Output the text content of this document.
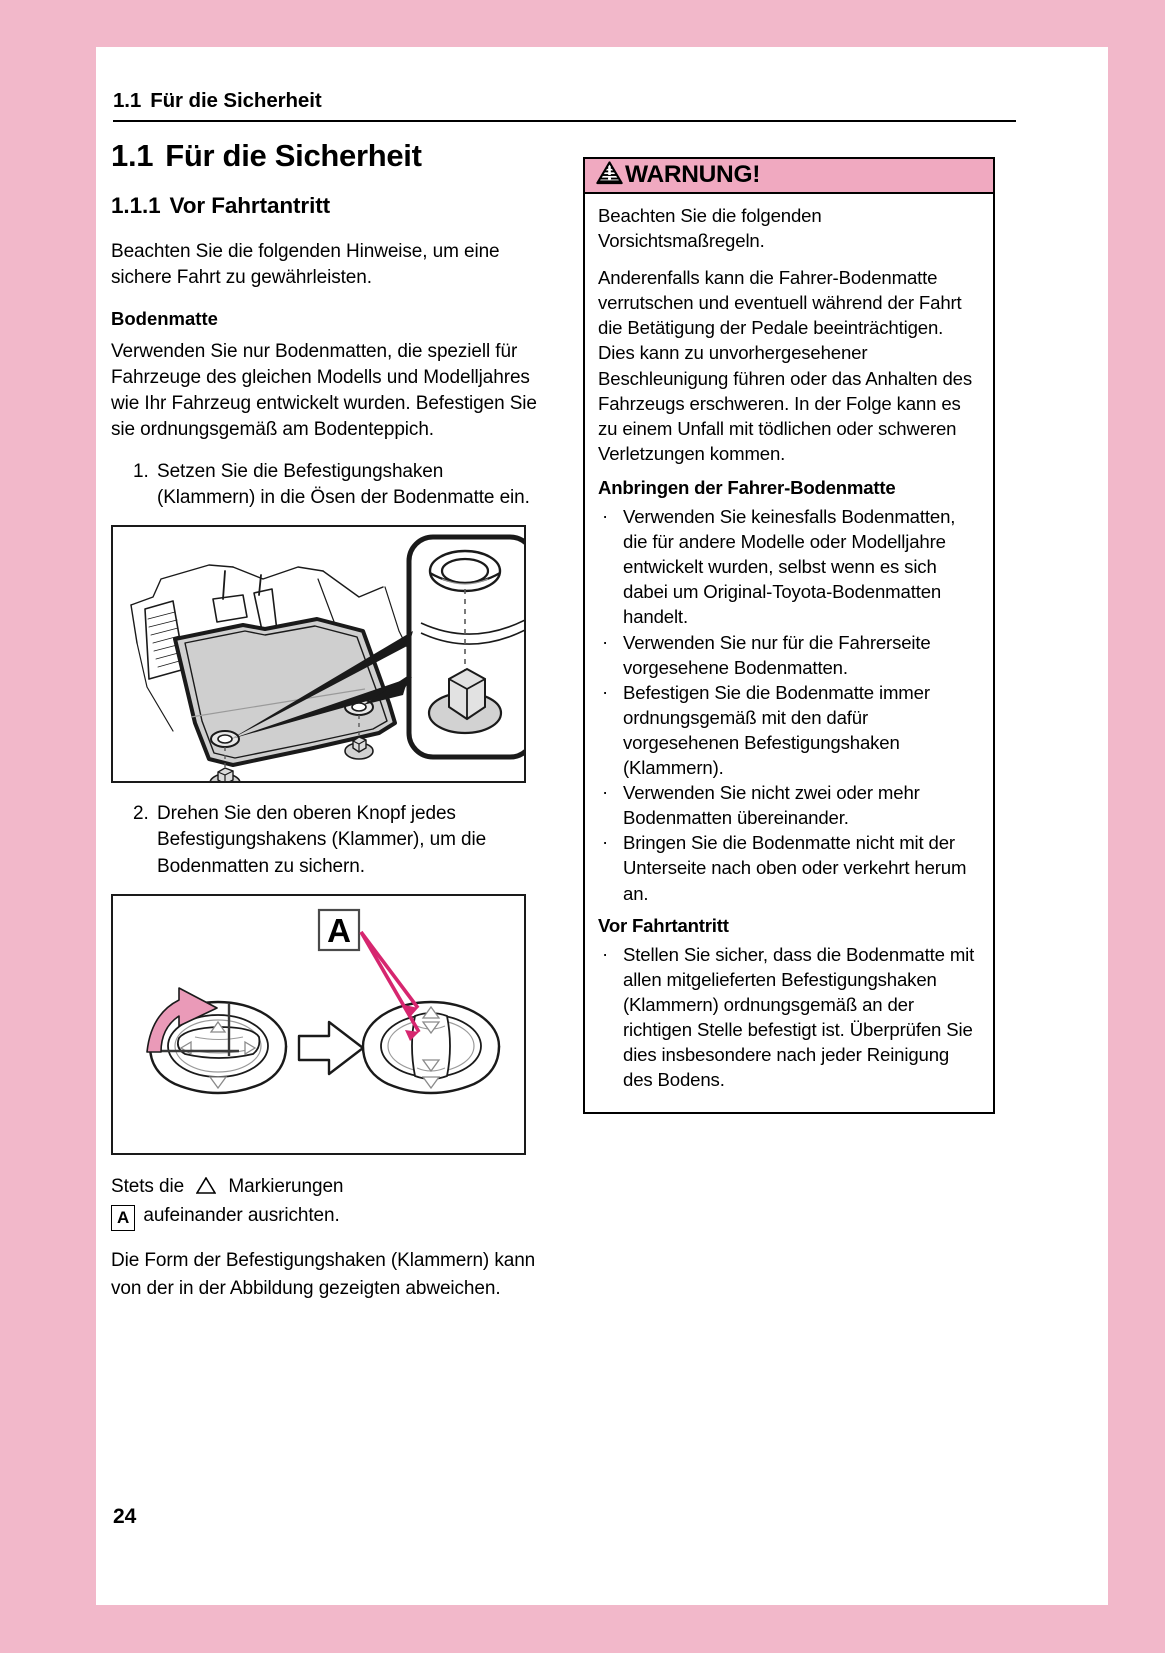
1.1 Für die Sicherheit
1.1 Für die Sicherheit
1.1.1 Vor Fahrtantritt

Beachten Sie die folgenden Hinweise, um eine sichere Fahrt zu gewährleisten.

Bodenmatte

Verwenden Sie nur Bodenmatten, die speziell für Fahrzeuge des gleichen Modells und Modelljahres wie Ihr Fahrzeug entwickelt wurden. Befestigen Sie sie ordnungsgemäß am Bodenteppich.

1. Setzen Sie die Befestigungshaken (Klammern) in die Ösen der Bodenmatte ein.
2. Drehen Sie den oberen Knopf jedes Befestigungshakens (Klammer), um die Bodenmatten zu sichern.
A

Stets die Markierungen
A aufeinander ausrichten.

Die Form der Befestigungshaken (Klammern) kann von der in der Abbildung gezeigten abweichen.

WARNUNG!

Beachten Sie die folgenden Vorsichtsmaßregeln.

Anderenfalls kann die Fahrer-Bodenmatte verrutschen und eventuell während der Fahrt die Betätigung der Pedale beeinträchtigen. Dies kann zu unvorhergesehener Beschleunigung führen oder das Anhalten des Fahrzeugs erschweren. In der Folge kann es zu einem Unfall mit tödlichen oder schweren Verletzungen kommen.

Anbringen der Fahrer-Bodenmatte
· Verwenden Sie keinesfalls Bodenmatten, die für andere Modelle oder Modelljahre entwickelt wurden, selbst wenn es sich dabei um Original-Toyota-Bodenmatten handelt.
· Verwenden Sie nur für die Fahrerseite vorgesehene Bodenmatten.
· Befestigen Sie die Bodenmatte immer ordnungsgemäß mit den dafür vorgesehenen Befestigungshaken (Klammern).
· Verwenden Sie nicht zwei oder mehr Bodenmatten übereinander.
· Bringen Sie die Bodenmatte nicht mit der Unterseite nach oben oder verkehrt herum an.
Vor Fahrtantritt
· Stellen Sie sicher, dass die Bodenmatte mit allen mitgelieferten Befestigungshaken (Klammern) ordnungsgemäß an der richtigen Stelle befestigt ist. Überprüfen Sie dies insbesondere nach jeder Reinigung des Bodens.
24
